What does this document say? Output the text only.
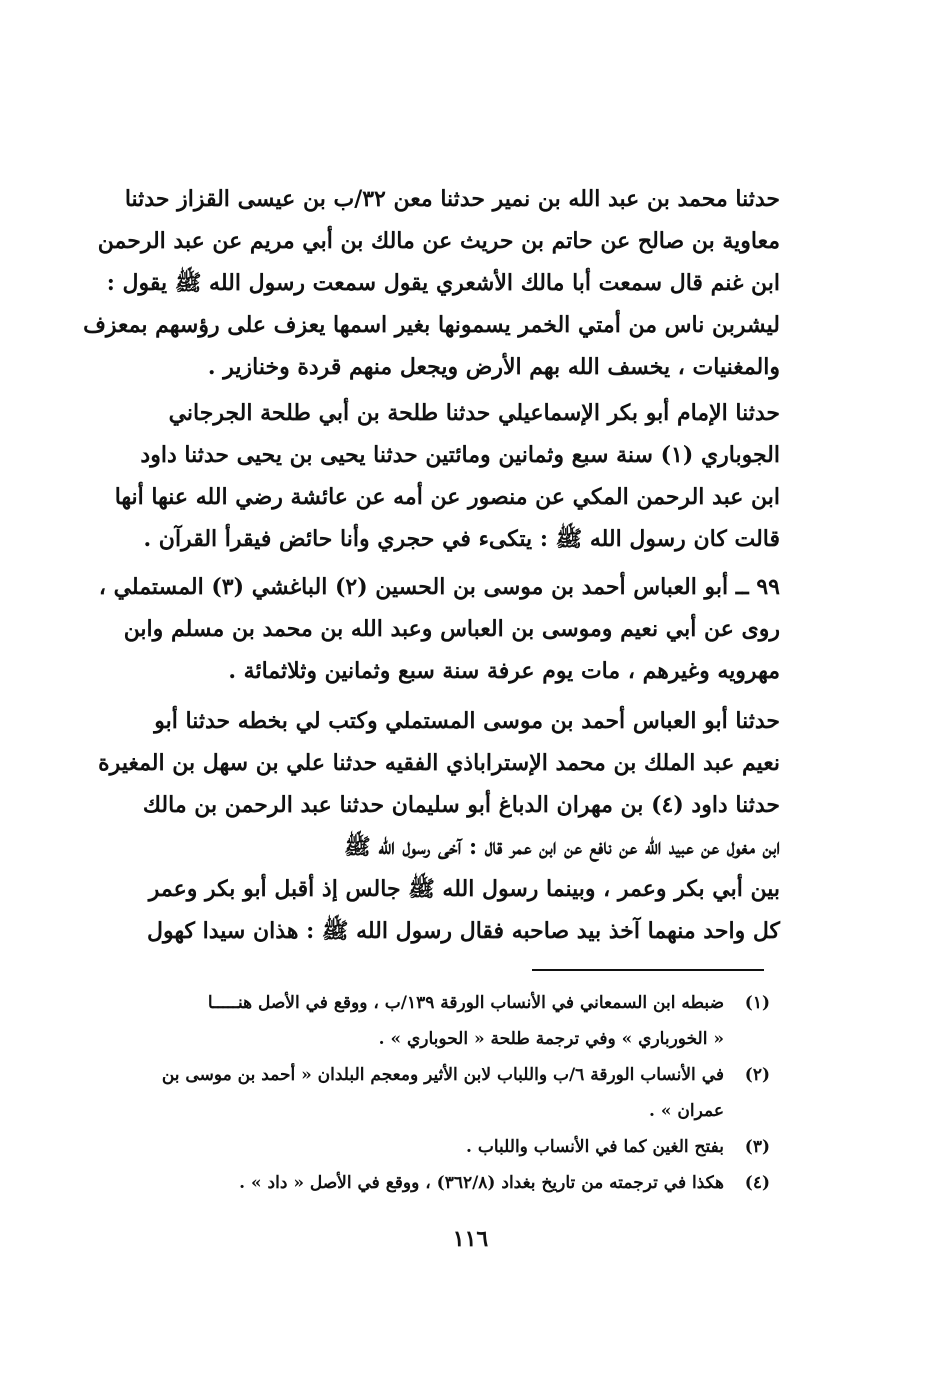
حدثنا محمد بن عبد الله بن نمير حدثنا معن ٣٢/ب بن عيسى القزاز حدثنا
معاوية بن صالح عن حاتم بن حريث عن مالك بن أبي مريم عن عبد الرحمن
ابن غنم قال سمعت أبا مالك الأشعري يقول سمعت رسول الله ﷺ يقول :
ليشربن ناس من أمتي الخمر يسمونها بغير اسمها يعزف على رؤسهم بمعزف
والمغنيات ، يخسف الله بهم الأرض ويجعل منهم قردة وخنازير .
حدثنا الإمام أبو بكر الإسماعيلي حدثنا طلحة بن أبي طلحة الجرجاني
الجوباري (١) سنة سبع وثمانين ومائتين حدثنا يحيى بن يحيى حدثنا داود
ابن عبد الرحمن المكي عن منصور عن أمه عن عائشة رضي الله عنها أنها
قالت كان رسول الله ﷺ : يتكىء في حجري وأنا حائض فيقرأ القرآن .
٩٩ ــ أبو العباس أحمد بن موسى بن الحسين (٢) الباغشي (٣) المستملي ،
روى عن أبي نعيم وموسى بن العباس وعبد الله بن محمد بن مسلم وابن
مهرويه وغيرهم ، مات يوم عرفة سنة سبع وثمانين وثلاثمائة .
حدثنا أبو العباس أحمد بن موسى المستملي وكتب لي بخطه حدثنا أبو
نعيم عبد الملك بن محمد الإستراباذي الفقيه حدثنا علي بن سهل بن المغيرة
حدثنا داود (٤) بن مهران الدباغ أبو سليمان حدثنا عبد الرحمن بن مالك
ابن مغول عن عبيد الله عن نافع عن ابن عمر قال : آخى رسول الله ﷺ
بين أبي بكر وعمر ، وبينما رسول الله ﷺ جالس إذ أقبل أبو بكر وعمر
كل واحد منهما آخذ بيد صاحبه فقال رسول الله ﷺ : هذان سيدا كهول
(١)ضبطه ابن السمعاني في الأنساب الورقة ١٣٩/ب ، ووقع في الأصل هنـــــا
« الخورباري » وفي ترجمة طلحة « الحوباري » .
(٢)في الأنساب الورقة ٦/ب واللباب لابن الأثير ومعجم البلدان « أحمد بن موسى بن
عمران » .
(٣)بفتح الغين كما في الأنساب واللباب .
(٤)هكذا في ترجمته من تاريخ بغداد (٣٦٢/٨) ، ووقع في الأصل « داد » .
١١٦
